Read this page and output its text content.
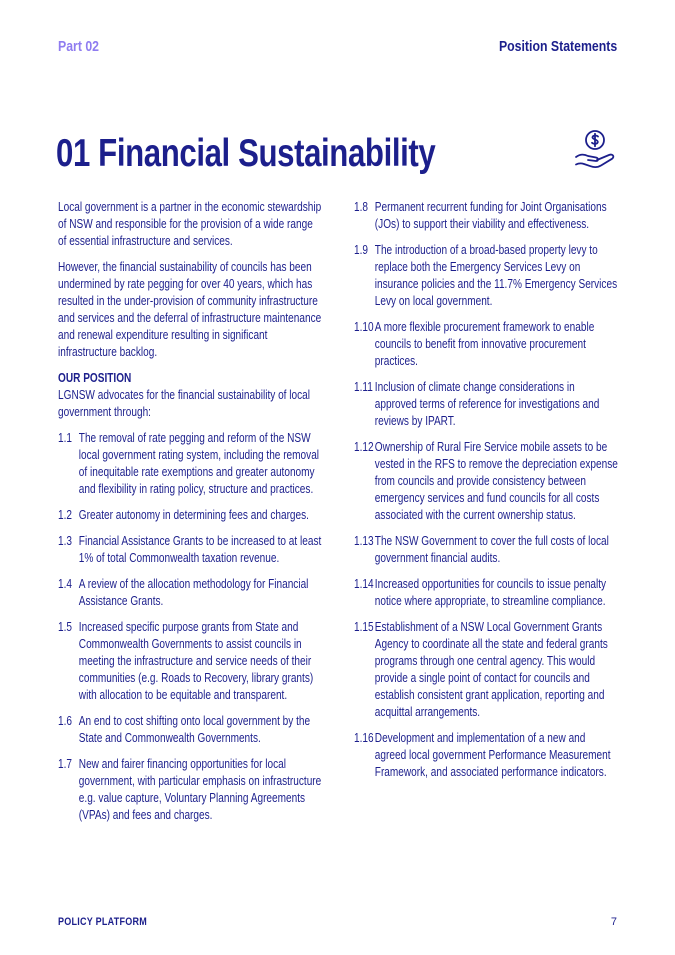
Part 02	Position Statements
01 Financial Sustainability

Local government is a partner in the economic stewardship of NSW and responsible for the provision of a wide range of essential infrastructure and services.

However, the financial sustainability of councils has been undermined by rate pegging for over 40 years, which has resulted in the under-provision of community infrastructure and services and the deferral of infrastructure maintenance and renewal expenditure resulting in significant infrastructure backlog.

OUR POSITION

LGNSW advocates for the financial sustainability of local government through:

1.1 The removal of rate pegging and reform of the NSW local government rating system, including the removal of inequitable rate exemptions and greater autonomy and flexibility in rating policy, structure and practices.
1.2 Greater autonomy in determining fees and charges.
1.3 Financial Assistance Grants to be increased to at least 1% of total Commonwealth taxation revenue.
1.4 A review of the allocation methodology for Financial Assistance Grants.
1.5 Increased specific purpose grants from State and Commonwealth Governments to assist councils in meeting the infrastructure and service needs of their communities (e.g. Roads to Recovery, library grants) with allocation to be equitable and transparent.
1.6 An end to cost shifting onto local government by the State and Commonwealth Governments.
1.7 New and fairer financing opportunities for local government, with particular emphasis on infrastructure e.g. value capture, Voluntary Planning Agreements (VPAs) and fees and charges.
1.8 Permanent recurrent funding for Joint Organisations (JOs) to support their viability and effectiveness.
1.9 The introduction of a broad-based property levy to replace both the Emergency Services Levy on insurance policies and the 11.7% Emergency Services Levy on local government.
1.10 A more flexible procurement framework to enable councils to benefit from innovative procurement practices.
1.11 Inclusion of climate change considerations in approved terms of reference for investigations and reviews by IPART.
1.12 Ownership of Rural Fire Service mobile assets to be vested in the RFS to remove the depreciation expense from councils and provide consistency between emergency services and fund councils for all costs associated with the current ownership status.
1.13 The NSW Government to cover the full costs of local government financial audits.
1.14 Increased opportunities for councils to issue penalty notice where appropriate, to streamline compliance.
1.15 Establishment of a NSW Local Government Grants Agency to coordinate all the state and federal grants programs through one central agency. This would provide a single point of contact for councils and establish consistent grant application, reporting and acquittal arrangements.
1.16 Development and implementation of a new and agreed local government Performance Measurement Framework, and associated performance indicators.
POLICY PLATFORM	7
